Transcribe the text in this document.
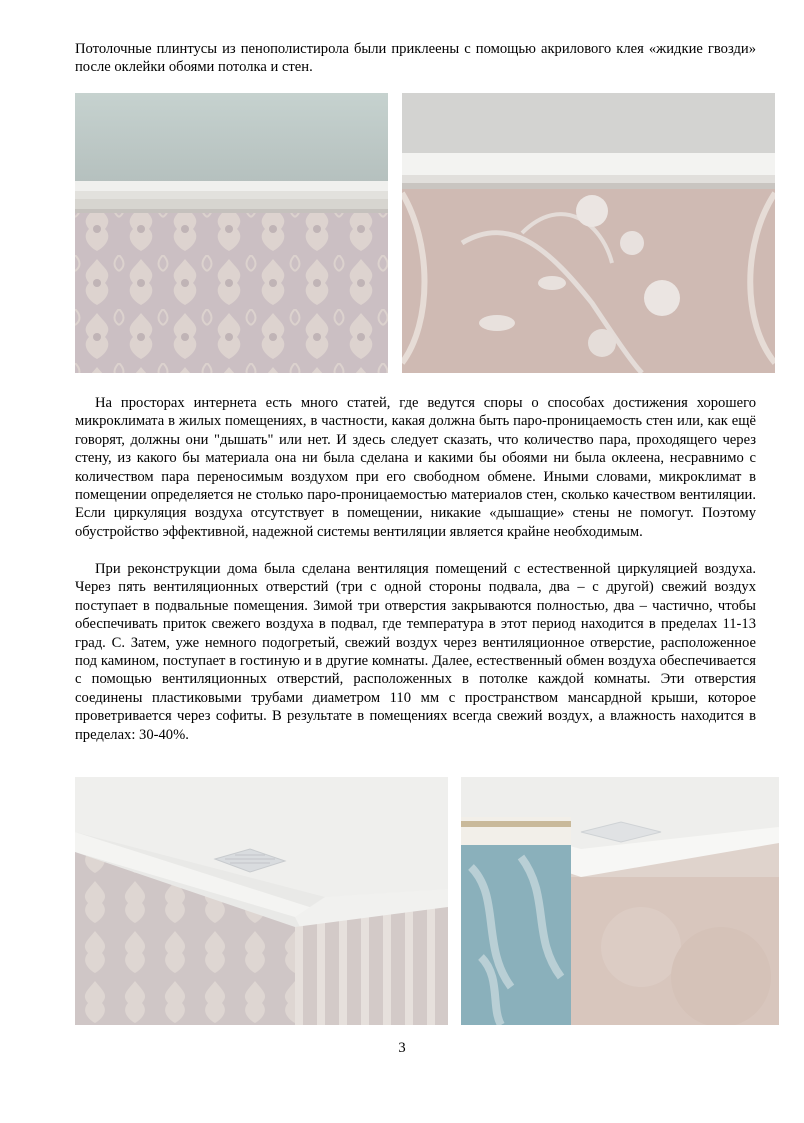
Потолочные плинтусы из пенополистирола были приклеены с помощью акрилового клея «жидкие гвозди» после оклейки обоями потолка и стен.

На просторах интернета есть много статей, где ведутся споры о способах достижения хорошего микроклимата в жилых помещениях, в частности, какая должна быть паро-проницаемость стен или, как ещё говорят, должны они "дышать" или нет. И здесь следует сказать, что количество пара, проходящего через стену, из какого бы материала она ни была сделана и какими бы обоями ни была оклеена, несравнимо с количеством пара переносимым воздухом при его свободном обмене. Иными словами, микроклимат в помещении определяется не столько паро-проницаемостью материалов стен, сколько качеством вентиляции. Если циркуляция воздуха отсутствует в помещении, никакие «дышащие» стены не помогут. Поэтому обустройство эффективной, надежной системы вентиляции является крайне необходимым.

При реконструкции дома была сделана вентиляция помещений с естественной циркуляцией воздуха. Через пять вентиляционных отверстий (три с одной стороны подвала, два – с другой) свежий воздух поступает в подвальные помещения. Зимой три отверстия закрываются полностью, два – частично, чтобы обеспечивать приток свежего воздуха в подвал, где температура в этот период находится в пределах 11-13 град. С. Затем, уже немного подогретый, свежий воздух через вентиляционное отверстие, расположенное под камином, поступает в гостиную и в другие комнаты. Далее, естественный обмен воздуха обеспечивается с помощью вентиляционных отверстий, расположенных в потолке каждой комнаты. Эти отверстия соединены пластиковыми трубами диаметром 110 мм с пространством мансардной крыши, которое проветривается через софиты. В результате в помещениях всегда свежий воздух, а влажность находится в пределах: 30-40%.

3
